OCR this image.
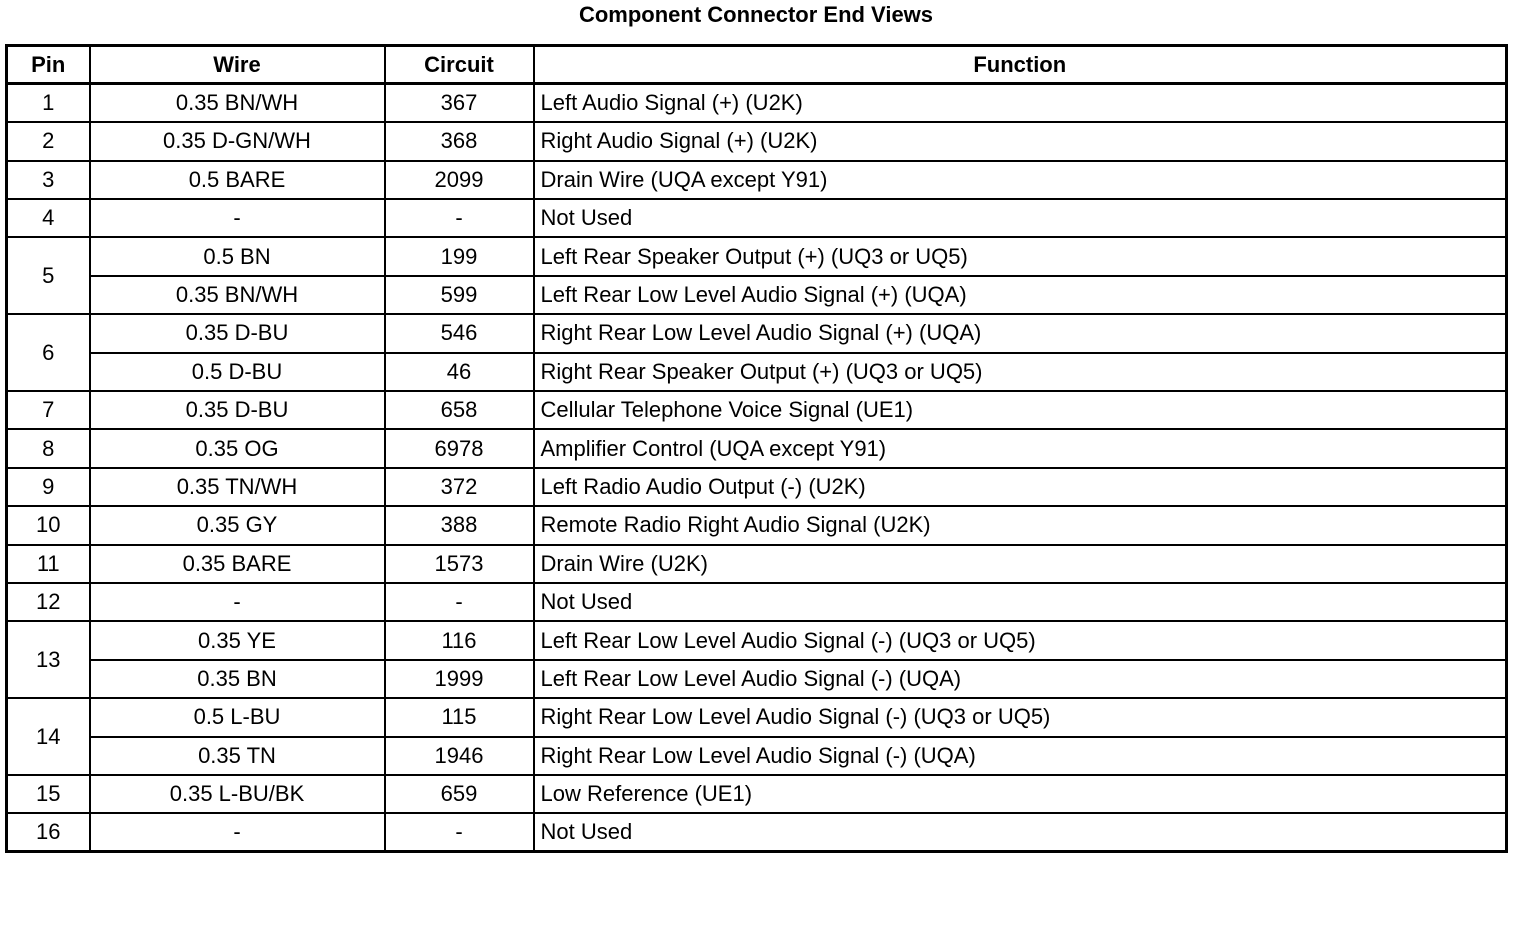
Component Connector End Views
Pin	Wire	Circuit	Function
1	0.35 BN/WH	367	Left Audio Signal (+) (U2K)
2	0.35 D-GN/WH	368	Right Audio Signal (+) (U2K)
3	0.5 BARE	2099	Drain Wire (UQA except Y91)
4	-	-	Not Used
5	0.5 BN	199	Left Rear Speaker Output (+) (UQ3 or UQ5)
	0.35 BN/WH	599	Left Rear Low Level Audio Signal (+) (UQA)
6	0.35 D-BU	546	Right Rear Low Level Audio Signal (+) (UQA)
	0.5 D-BU	46	Right Rear Speaker Output (+) (UQ3 or UQ5)
7	0.35 D-BU	658	Cellular Telephone Voice Signal (UE1)
8	0.35 OG	6978	Amplifier Control (UQA except Y91)
9	0.35 TN/WH	372	Left Radio Audio Output (-) (U2K)
10	0.35 GY	388	Remote Radio Right Audio Signal (U2K)
11	0.35 BARE	1573	Drain Wire (U2K)
12	-	-	Not Used
13	0.35 YE	116	Left Rear Low Level Audio Signal (-) (UQ3 or UQ5)
	0.35 BN	1999	Left Rear Low Level Audio Signal (-) (UQA)
14	0.5 L-BU	115	Right Rear Low Level Audio Signal (-) (UQ3 or UQ5)
	0.35 TN	1946	Right Rear Low Level Audio Signal (-) (UQA)
15	0.35 L-BU/BK	659	Low Reference (UE1)
16	-	-	Not Used
